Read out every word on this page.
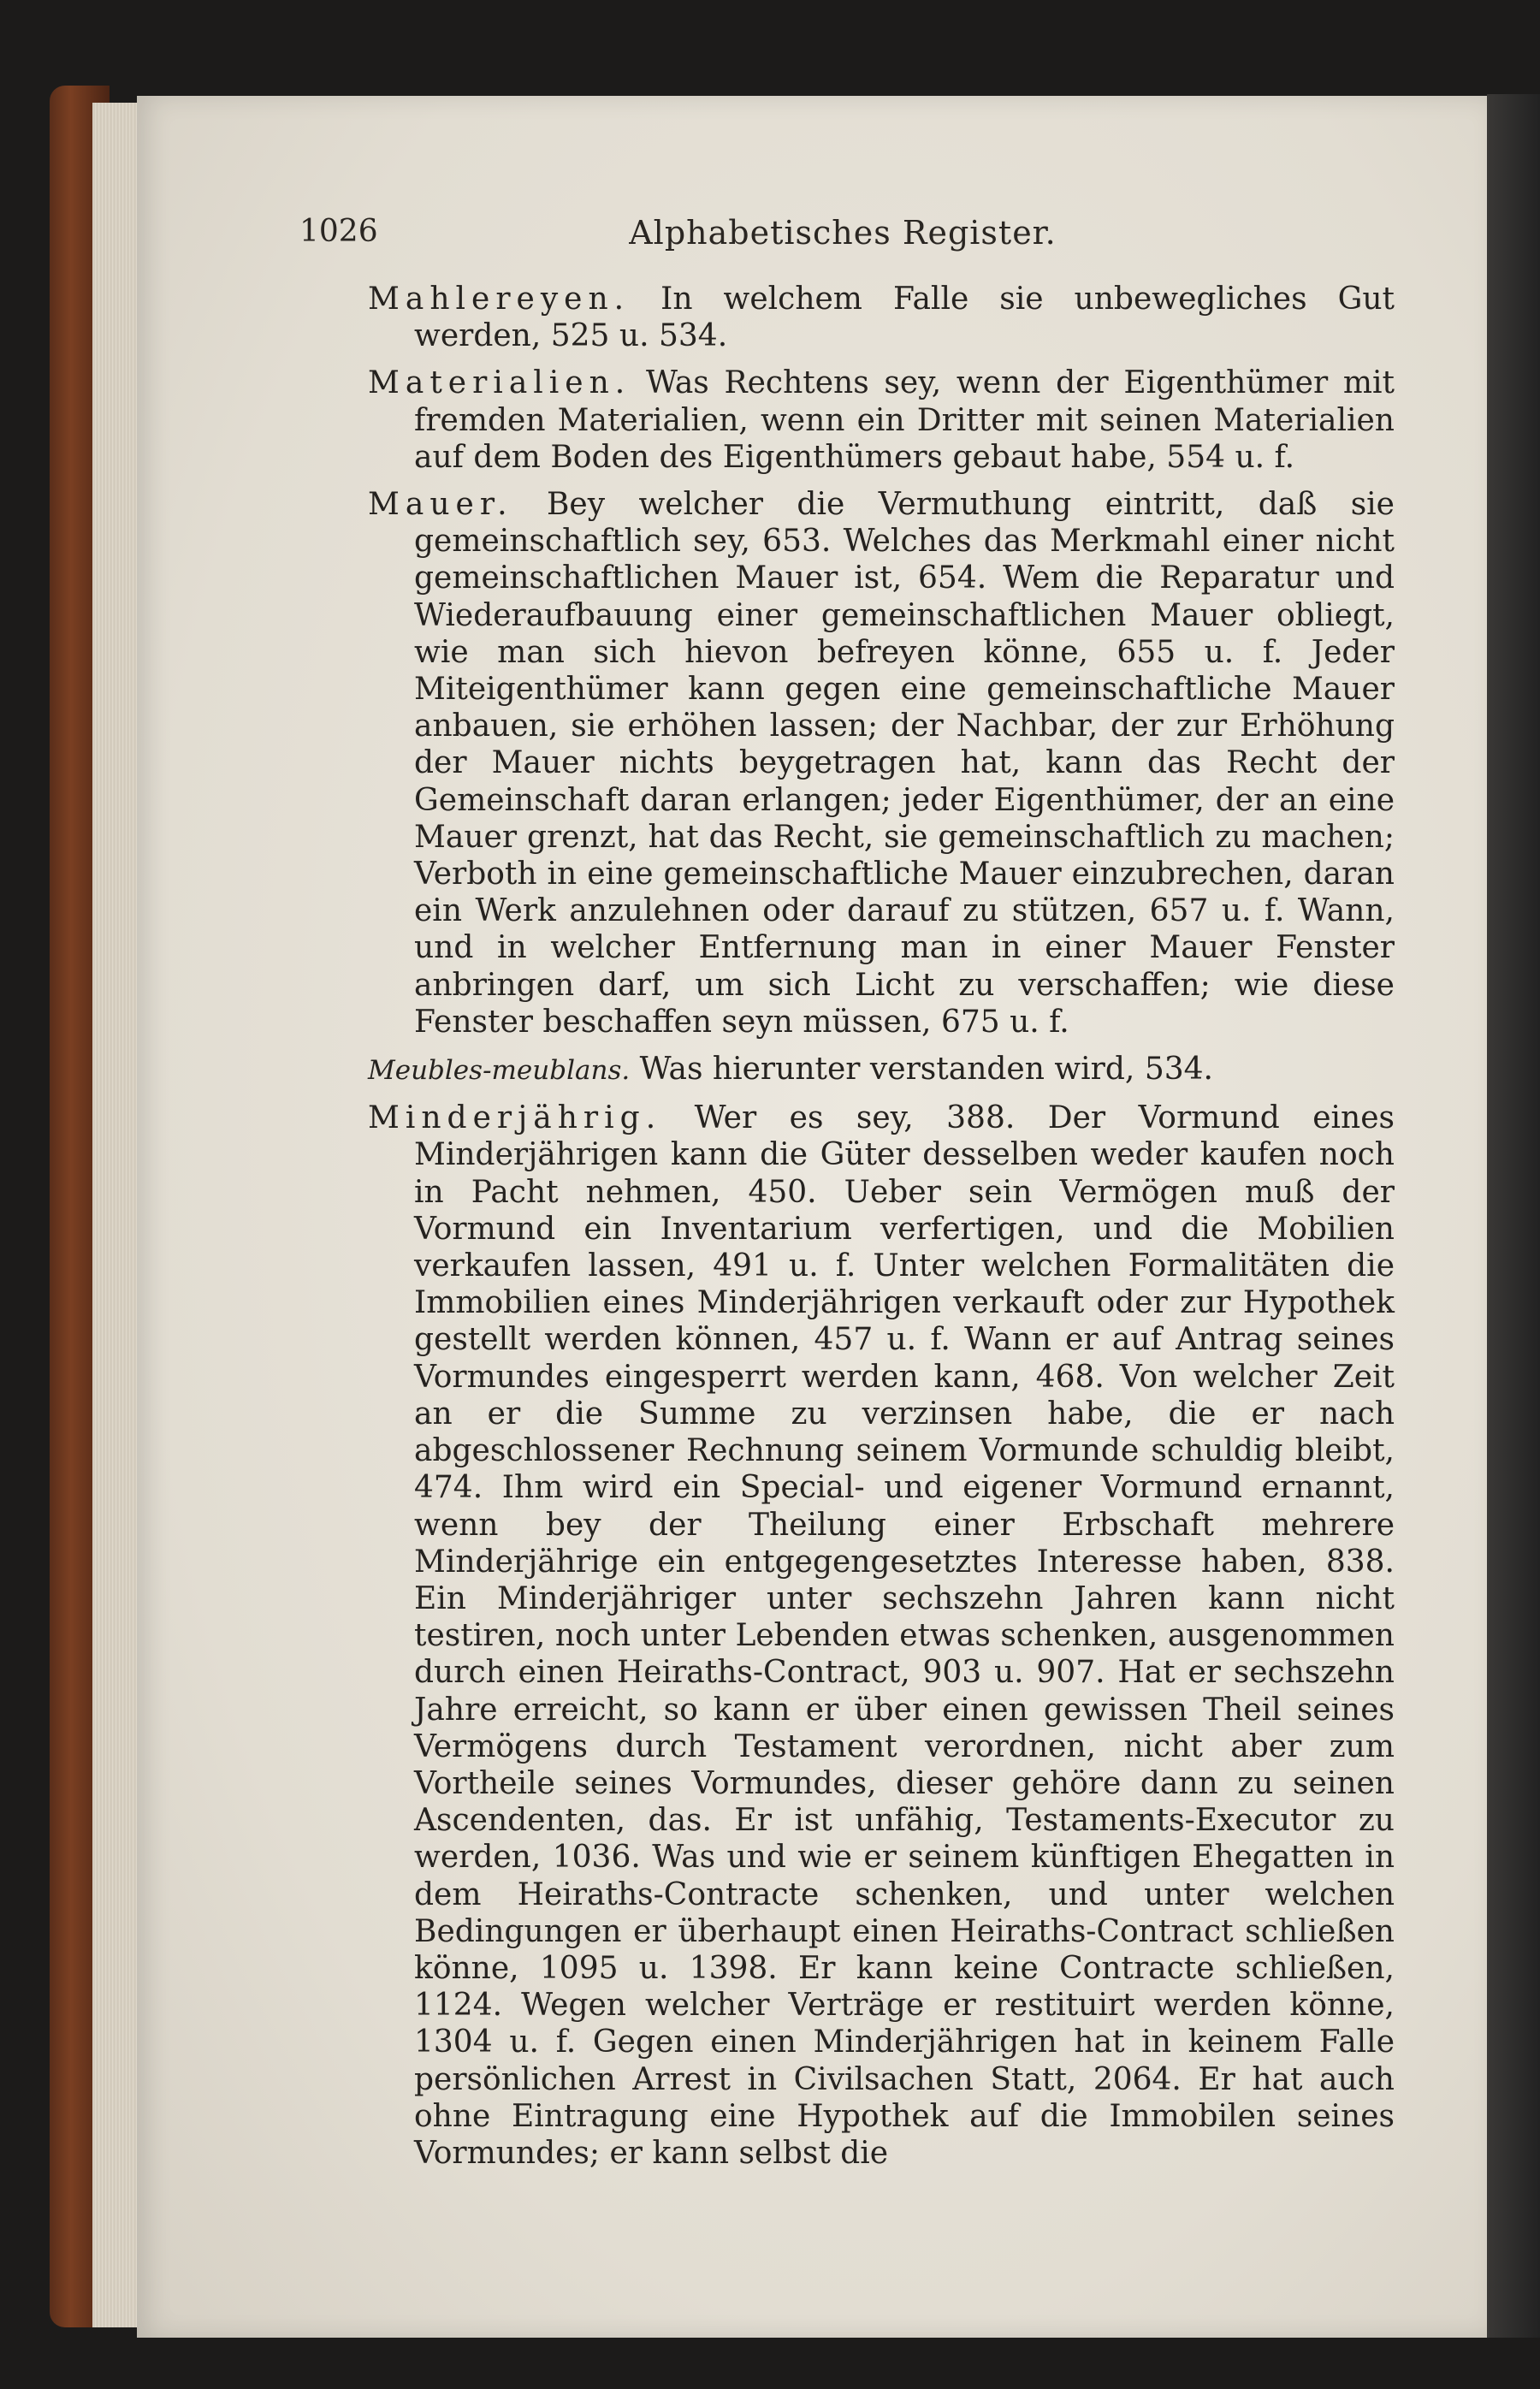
1026	Alphabetisches Register.

Mahlereyen. In welchem Falle sie unbewegliches Gut werden, 525 u. 534.

Materialien. Was Rechtens sey, wenn der Eigenthümer mit fremden Materialien, wenn ein Dritter mit seinen Materialien auf dem Boden des Eigenthümers gebaut habe, 554 u. f.

Mauer. Bey welcher die Vermuthung eintritt, daß sie gemeinschaftlich sey, 653. Welches das Merkmahl einer nicht gemeinschaftlichen Mauer ist, 654. Wem die Reparatur und Wiederaufbauung einer gemeinschaftlichen Mauer obliegt, wie man sich hievon befreyen könne, 655 u. f. Jeder Miteigenthümer kann gegen eine gemeinschaftliche Mauer anbauen, sie erhöhen lassen; der Nachbar, der zur Erhöhung der Mauer nichts beygetragen hat, kann das Recht der Gemeinschaft daran erlangen; jeder Eigenthümer, der an eine Mauer grenzt, hat das Recht, sie gemeinschaftlich zu machen; Verboth in eine gemeinschaftliche Mauer einzubrechen, daran ein Werk anzulehnen oder darauf zu stützen, 657 u. f. Wann, und in welcher Entfernung man in einer Mauer Fenster anbringen darf, um sich Licht zu verschaffen; wie diese Fenster beschaffen seyn müssen, 675 u. f.

Meubles-meublans. Was hierunter verstanden wird, 534.

Minderjährig. Wer es sey, 388. Der Vormund eines Minderjährigen kann die Güter desselben weder kaufen noch in Pacht nehmen, 450. Ueber sein Vermögen muß der Vormund ein Inventarium verfertigen, und die Mobilien verkaufen lassen, 491 u. f. Unter welchen Formalitäten die Immobilien eines Minderjährigen verkauft oder zur Hypothek gestellt werden können, 457 u. f. Wann er auf Antrag seines Vormundes eingesperrt werden kann, 468. Von welcher Zeit an er die Summe zu verzinsen habe, die er nach abgeschlossener Rechnung seinem Vormunde schuldig bleibt, 474. Ihm wird ein Special- und eigener Vormund ernannt, wenn bey der Theilung einer Erbschaft mehrere Minderjährige ein entgegengesetztes Interesse haben, 838. Ein Minderjähriger unter sechszehn Jahren kann nicht testiren, noch unter Lebenden etwas schenken, ausgenommen durch einen Heiraths-Contract, 903 u. 907. Hat er sechszehn Jahre erreicht, so kann er über einen gewissen Theil seines Vermögens durch Testament verordnen, nicht aber zum Vortheile seines Vormundes, dieser gehöre dann zu seinen Ascendenten, das. Er ist unfähig, Testaments-Executor zu werden, 1036. Was und wie er seinem künftigen Ehegatten in dem Heiraths-Contracte schenken, und unter welchen Bedingungen er überhaupt einen Heiraths-Contract schließen könne, 1095 u. 1398. Er kann keine Contracte schließen, 1124. Wegen welcher Verträge er restituirt werden könne, 1304 u. f. Gegen einen Minderjährigen hat in keinem Falle persönlichen Arrest in Civilsachen Statt, 2064. Er hat auch ohne Eintragung eine Hypothek auf die Immobilen seines Vormundes; er kann selbst die
